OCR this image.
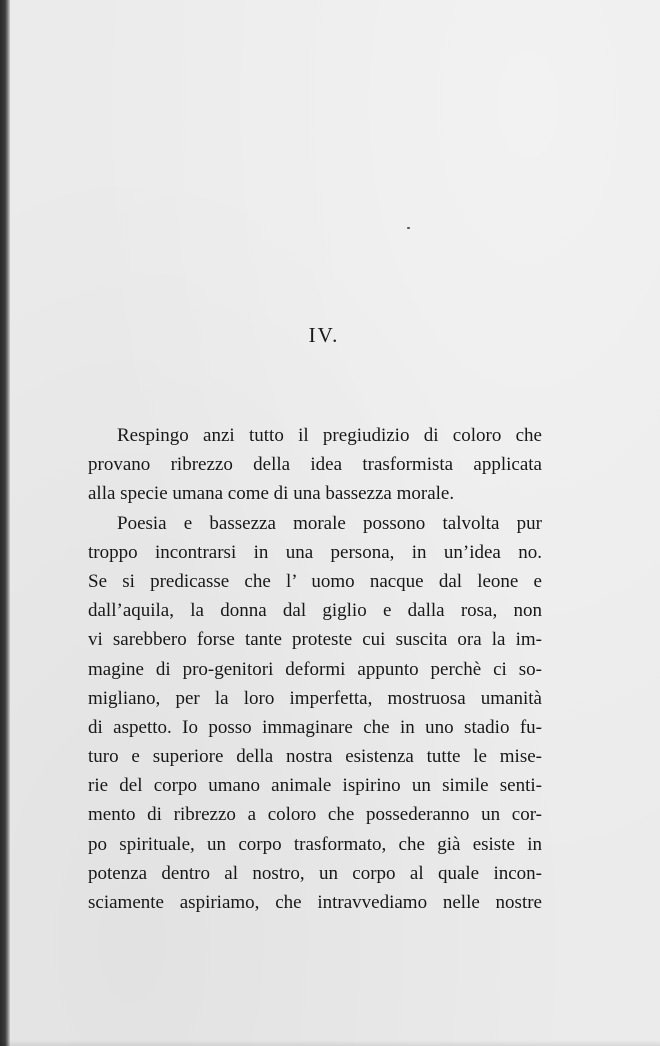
IV.
Respingo anzi tutto il pregiudizio di coloro che
provano ribrezzo della idea trasformista applicata
alla specie umana come di una bassezza morale.
Poesia e bassezza morale possono talvolta pur
troppo incontrarsi in una persona, in un’idea no.
Se si predicasse che l’ uomo nacque dal leone e
dall’aquila, la donna dal giglio e dalla rosa, non
vi sarebbero forse tante proteste cui suscita ora la im-
magine di pro-genitori deformi appunto perchè ci so-
migliano, per la loro imperfetta, mostruosa umanità
di aspetto. Io posso immaginare che in uno stadio fu-
turo e superiore della nostra esistenza tutte le mise-
rie del corpo umano animale ispirino un simile senti-
mento di ribrezzo a coloro che possederanno un cor-
po spirituale, un corpo trasformato, che già esiste in
potenza dentro al nostro, un corpo al quale incon-
sciamente aspiriamo, che intravvediamo nelle nostre
